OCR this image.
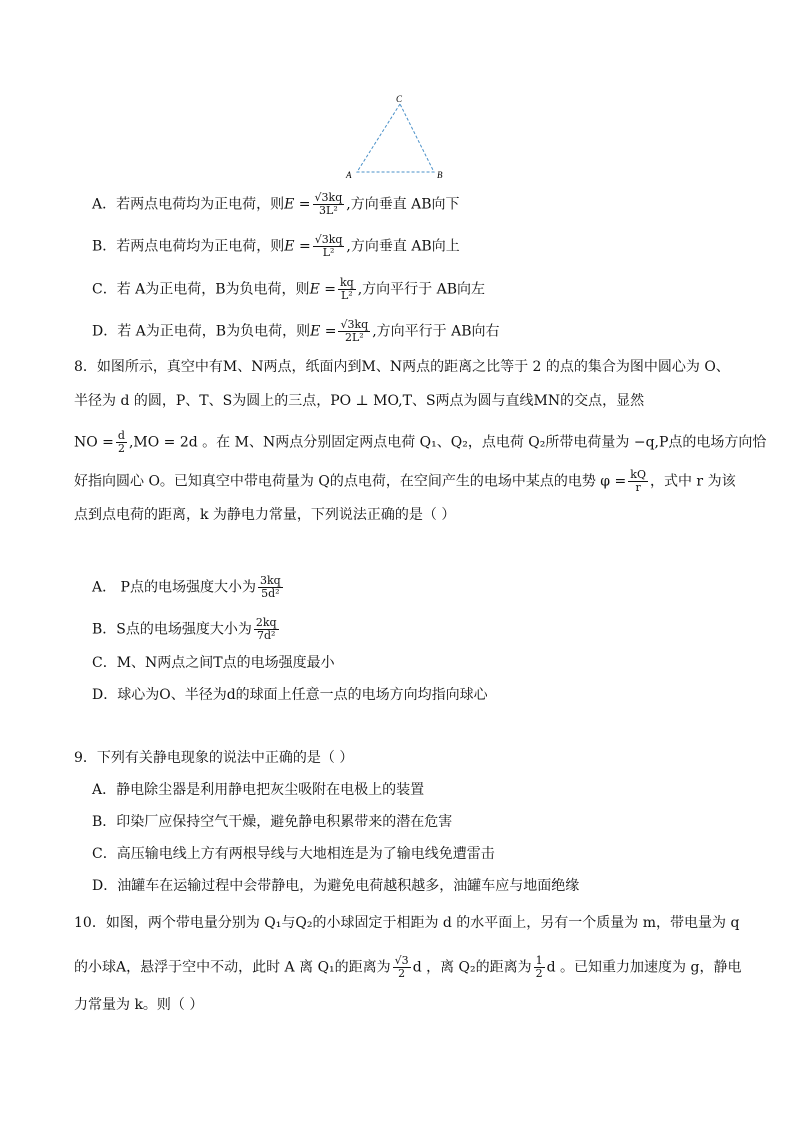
C
A	B
A．若两点电荷均为正电荷，则$E = \frac{√3kq}{\text{3L²}}$ ,方向垂直 AB向下
B．若两点电荷均为正电荷，则$E = \frac{√3kq}{\text{L²}}$ ,方向垂直 AB向上
C．若 A为正电荷，B为负电荷，则$E = \frac{kq}{\text{L²}}$ ,方向平行于 AB向左
D．若 A为正电荷，B为负电荷，则$E = \frac{√3kq}{\text{2L²}}$ ,方向平行于 AB向右
8．如图所示，真空中有M、N两点，纸面内到M、N两点的距离之比等于 2 的点的集合为图中圆心为 O、
半径为 d 的圆，P、T、S为圆上的三点，PO ⊥ MO,T、S两点为圆与直线MN的交点，显然
NO = $\frac{d}{2} ,MO = 2d$ 。在 M、N两点分别固定两点电荷 Q₁、Q₂，点电荷 Q₂所带电荷量为 −q,P点的电场方向恰
好指向圆心 O。已知真空中带电荷量为 Q的点电荷，在空间产生的电场中某点的电势 $\varphi = \frac{kQ}{r}$ ，式中 r 为该
点到点电荷的距离，k 为静电力常量，下列说法正确的是（ ）
A． P点的电场强度大小为 $\frac{3kq}{\text{5d²}}$
B．S点的电场强度大小为 $\frac{2kq}{\text{7d²}}$
C．M、N两点之间T点的电场强度最小
D．球心为O、半径为d的球面上任意一点的电场方向均指向球心
9．下列有关静电现象的说法中正确的是（ ）
A．静电除尘器是利用静电把灰尘吸附在电极上的装置
B．印染厂应保持空气干燥，避免静电积累带来的潜在危害
C．高压输电线上方有两根导线与大地相连是为了输电线免遭雷击
D．油罐车在运输过程中会带静电，为避免电荷越积越多，油罐车应与地面绝缘
10．如图，两个带电量分别为 Q₁与Q₂的小球固定于相距为 d 的水平面上，另有一个质量为 m，带电量为 q
的小球A，悬浮于空中不动，此时 A 离 Q₁的距离为 $\frac{√3}{2}$ d ，离 Q₂的距离为 $\frac{1}{2}$ d 。已知重力加速度为 g，静电
力常量为 k。则（ ）
